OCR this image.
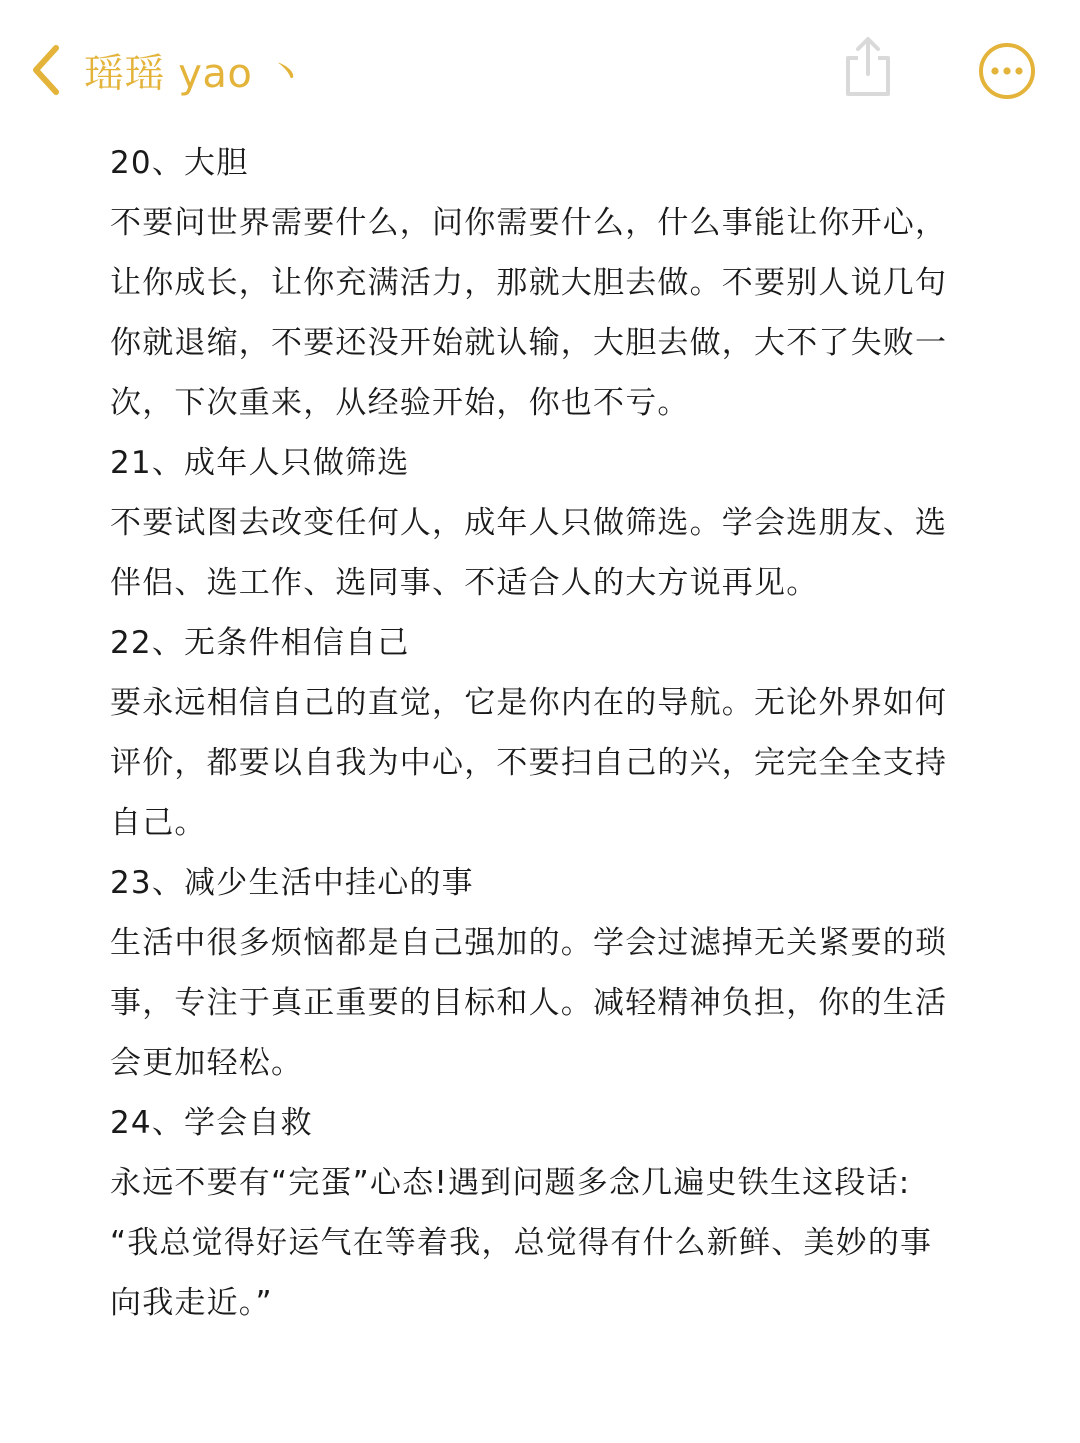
瑶瑶 yao 丶
20、大胆
不要问世界需要什么，问你需要什么，什么事能让你开心，
让你成长，让你充满活力，那就大胆去做。不要别人说几句
你就退缩，不要还没开始就认输，大胆去做，大不了失败一
次，下次重来，从经验开始，你也不亏。
21、成年人只做筛选
不要试图去改变任何人，成年人只做筛选。学会选朋友、选
伴侣、选工作、选同事、不适合人的大方说再见。
22、无条件相信自己
要永远相信自己的直觉，它是你内在的导航。无论外界如何
评价，都要以自我为中心，不要扫自己的兴，完完全全支持
自己。
23、减少生活中挂心的事
生活中很多烦恼都是自己强加的。学会过滤掉无关紧要的琐
事，专注于真正重要的目标和人。减轻精神负担，你的生活
会更加轻松。
24、学会自救
永远不要有“完蛋”心态!遇到问题多念几遍史铁生这段话:
“我总觉得好运气在等着我，总觉得有什么新鲜、美妙的事
向我走近。”
